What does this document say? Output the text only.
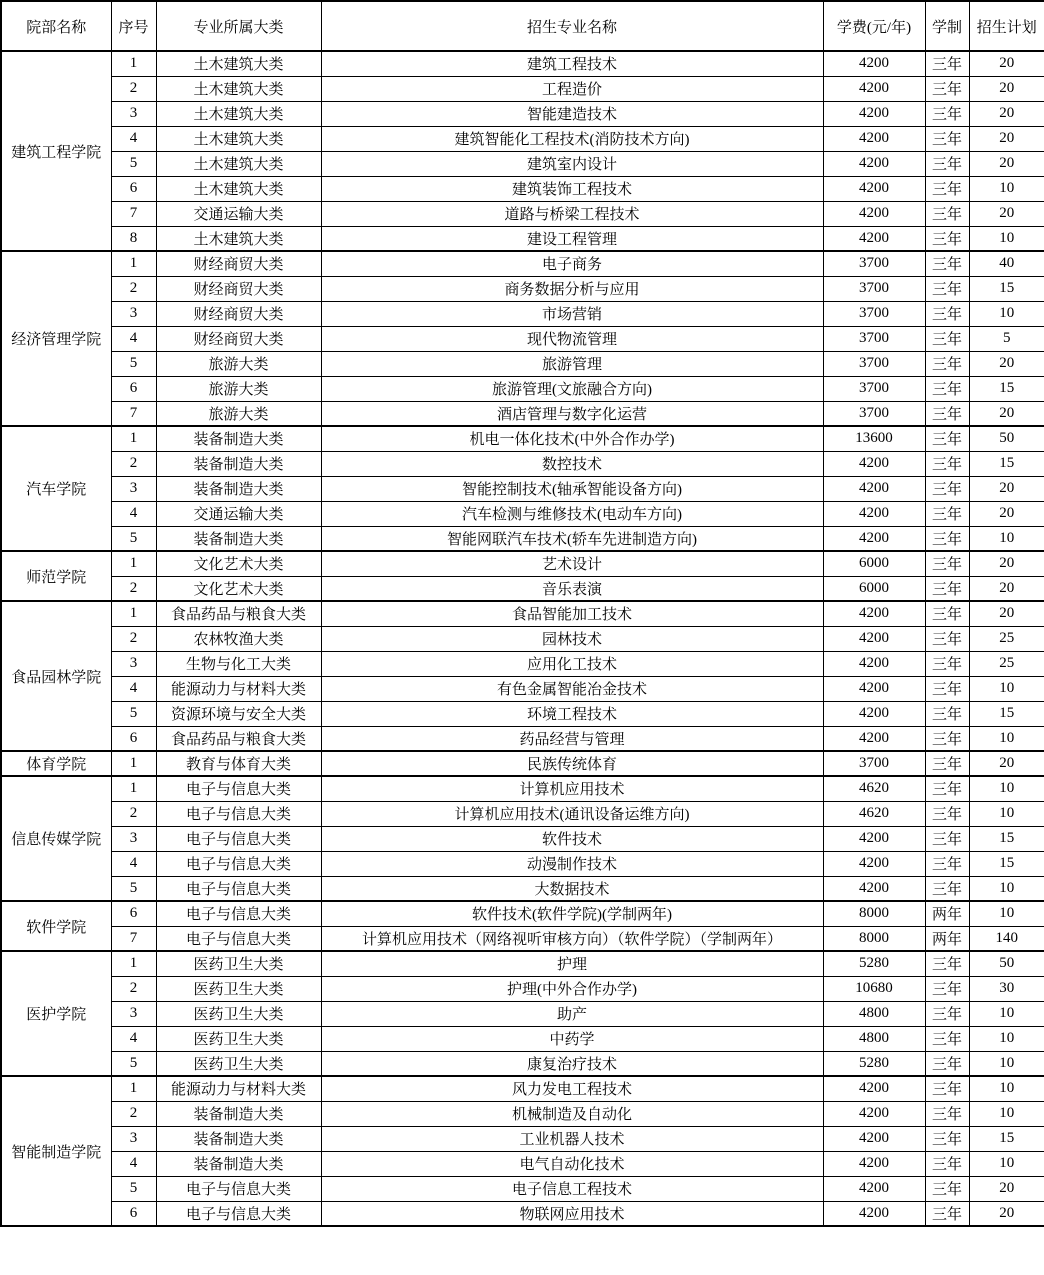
院部名称	序号	专业所属大类	招生专业名称	学费(元/年)	学制	招生计划
建筑工程学院	1	土木建筑大类	建筑工程技术	4200	三年	20
	2	土木建筑大类	工程造价	4200	三年	20
	3	土木建筑大类	智能建造技术	4200	三年	20
	4	土木建筑大类	建筑智能化工程技术(消防技术方向)	4200	三年	20
	5	土木建筑大类	建筑室内设计	4200	三年	20
	6	土木建筑大类	建筑装饰工程技术	4200	三年	10
	7	交通运输大类	道路与桥梁工程技术	4200	三年	20
	8	土木建筑大类	建设工程管理	4200	三年	10
经济管理学院	1	财经商贸大类	电子商务	3700	三年	40
	2	财经商贸大类	商务数据分析与应用	3700	三年	15
	3	财经商贸大类	市场营销	3700	三年	10
	4	财经商贸大类	现代物流管理	3700	三年	5
	5	旅游大类	旅游管理	3700	三年	20
	6	旅游大类	旅游管理(文旅融合方向)	3700	三年	15
	7	旅游大类	酒店管理与数字化运营	3700	三年	20
汽车学院	1	装备制造大类	机电一体化技术(中外合作办学)	13600	三年	50
	2	装备制造大类	数控技术	4200	三年	15
	3	装备制造大类	智能控制技术(轴承智能设备方向)	4200	三年	20
	4	交通运输大类	汽车检测与维修技术(电动车方向)	4200	三年	20
	5	装备制造大类	智能网联汽车技术(轿车先进制造方向)	4200	三年	10
师范学院	1	文化艺术大类	艺术设计	6000	三年	20
	2	文化艺术大类	音乐表演	6000	三年	20
食品园林学院	1	食品药品与粮食大类	食品智能加工技术	4200	三年	20
	2	农林牧渔大类	园林技术	4200	三年	25
	3	生物与化工大类	应用化工技术	4200	三年	25
	4	能源动力与材料大类	有色金属智能冶金技术	4200	三年	10
	5	资源环境与安全大类	环境工程技术	4200	三年	15
	6	食品药品与粮食大类	药品经营与管理	4200	三年	10
体育学院	1	教育与体育大类	民族传统体育	3700	三年	20
信息传媒学院	1	电子与信息大类	计算机应用技术	4620	三年	10
	2	电子与信息大类	计算机应用技术(通讯设备运维方向)	4620	三年	10
	3	电子与信息大类	软件技术	4200	三年	15
	4	电子与信息大类	动漫制作技术	4200	三年	15
	5	电子与信息大类	大数据技术	4200	三年	10
软件学院	6	电子与信息大类	软件技术(软件学院)(学制两年)	8000	两年	10
	7	电子与信息大类	计算机应用技术（网络视听审核方向）（软件学院）（学制两年）	8000	两年	140
医护学院	1	医药卫生大类	护理	5280	三年	50
	2	医药卫生大类	护理(中外合作办学)	10680	三年	30
	3	医药卫生大类	助产	4800	三年	10
	4	医药卫生大类	中药学	4800	三年	10
	5	医药卫生大类	康复治疗技术	5280	三年	10
智能制造学院	1	能源动力与材料大类	风力发电工程技术	4200	三年	10
	2	装备制造大类	机械制造及自动化	4200	三年	10
	3	装备制造大类	工业机器人技术	4200	三年	15
	4	装备制造大类	电气自动化技术	4200	三年	10
	5	电子与信息大类	电子信息工程技术	4200	三年	20
	6	电子与信息大类	物联网应用技术	4200	三年	20
